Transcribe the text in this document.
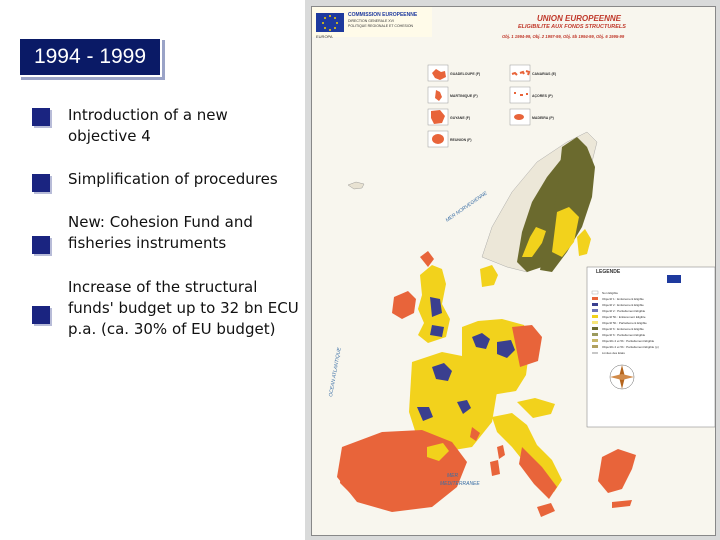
1994 - 1999
Introduction of a new objective 4
Simplification of procedures
New: Cohesion Fund and fisheries instruments
Increase of the structural funds' budget up to 32 bn ECU p.a. (ca. 30% of EU budget)
COMMISSION EUROPEENNE
DIRECTION GENERALE XVI
POLITIQUE REGIONALE ET COHESION
EUROPA
UNION EUROPEENNE
ELIGIBILITE AUX FONDS STRUCTURELS
Obj. 1 1994-99, Obj. 2 1997-99, Obj. 5b 1994-99, Obj. 6 1995-99
GUADELOUPE (F)
MARTINIQUE (F)
GUYANE (F)
REUNION (F)
CANARIAS (E)
AÇORES (P)
MADEIRA (P)
Non Eligible
Objectif 1 : Entièrement Eligible
Objectif 2 : Entièrement Eligible
Objectif 2 : Partiellement Eligible
Objectif 5b : Entièrement Eligible
Objectif 5b : Partiellement Eligible
Objectif 6 : Entièrement Eligible
Objectif 6 : Partiellement Eligible
Objectifs 2 et 5b : Partiellement Eligible
Objectifs 2 et 5b : Partiellement Eligible (p)
Limites des Etats
OCEAN ATLANTIQUE
MER NORVEGIENNE
MER
MEDITERRANEE
LEGENDE
